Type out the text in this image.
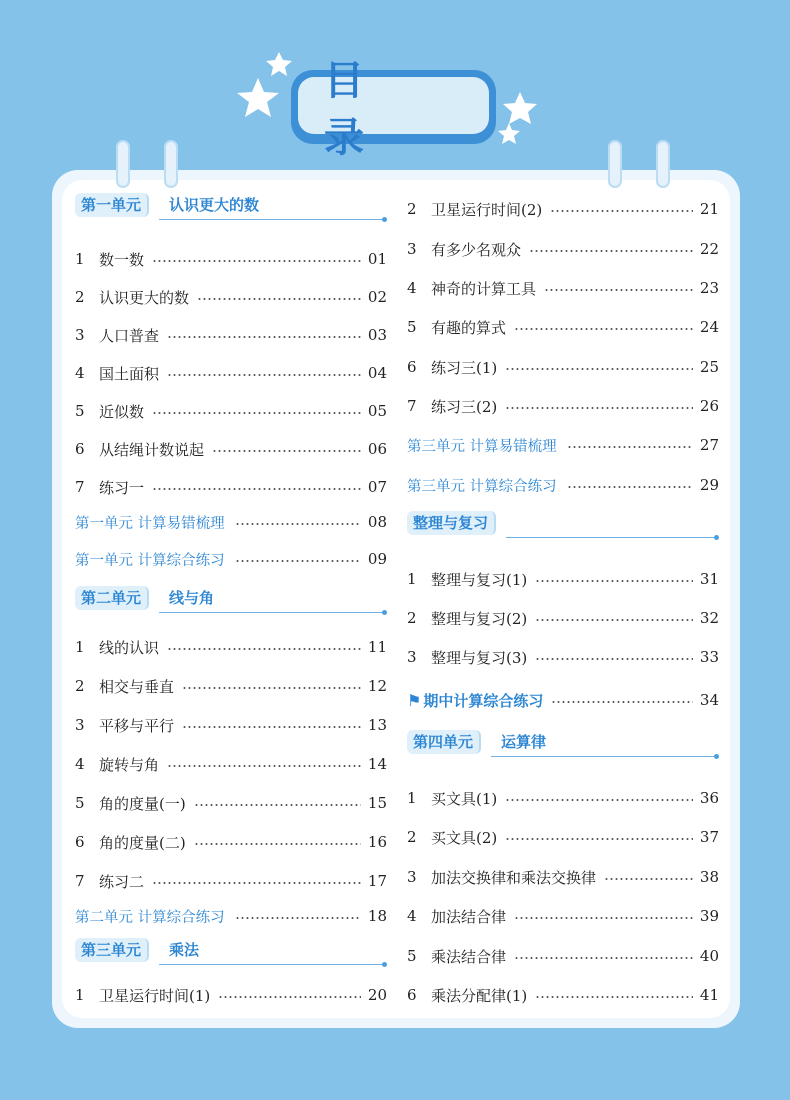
目 录
第一单元	认识更大的数
1 数一数	01
2 认识更大的数	02
3 人口普查	03
4 国土面积	04
5 近似数	05
6 从结绳计数说起	06
7 练习一	07
第一单元 计算易错梳理	08
第一单元 计算综合练习	09
第二单元	线与角
1 线的认识	11
2 相交与垂直	12
3 平移与平行	13
4 旋转与角	14
5 角的度量(一)	15
6 角的度量(二)	16
7 练习二	17
第二单元 计算综合练习	18
第三单元	乘法
1 卫星运行时间(1)	20
2 卫星运行时间(2)	21
3 有多少名观众	22
4 神奇的计算工具	23
5 有趣的算式	24
6 练习三(1)	25
7 练习三(2)	26
第三单元 计算易错梳理	27
第三单元 计算综合练习	29
整理与复习
1 整理与复习(1)	31
2 整理与复习(2)	32
3 整理与复习(3)	33
⚑ 期中计算综合练习	34
第四单元	运算律
1 买文具(1)	36
2 买文具(2)	37
3 加法交换律和乘法交换律	38
4 加法结合律	39
5 乘法结合律	40
6 乘法分配律(1)	41
